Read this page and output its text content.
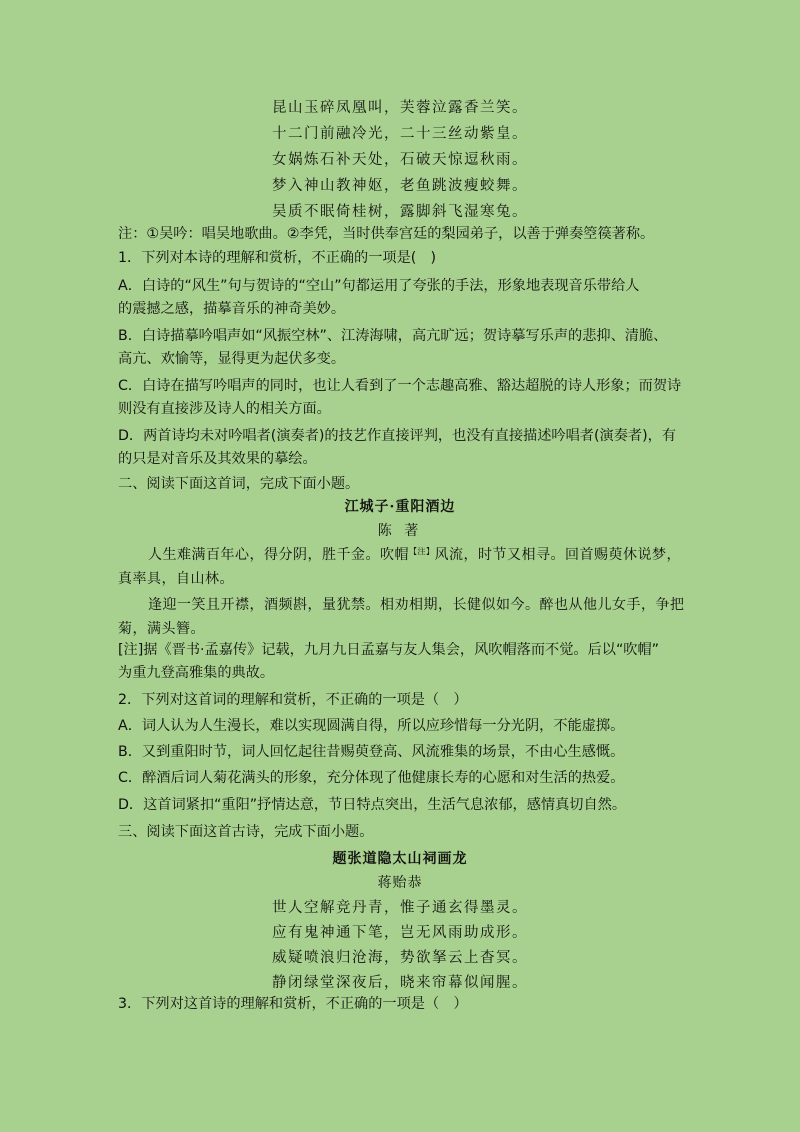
昆山玉碎凤凰叫，芙蓉泣露香兰笑。
十二门前融冷光，二十三丝动紫皇。
女娲炼石补天处，石破天惊逗秋雨。
梦入神山教神妪，老鱼跳波瘦蛟舞。
吴质不眠倚桂树，露脚斜飞湿寒兔。
注：①吴吟：唱吴地歌曲。②李凭，当时供奉宫廷的梨园弟子，以善于弹奏箜篌著称。
1．下列对本诗的理解和赏析，不正确的一项是(　)
A．白诗的“风生”句与贺诗的“空山”句都运用了夸张的手法，形象地表现音乐带给人
的震撼之感，描摹音乐的神奇美妙。
B．白诗描摹吟唱声如“风振空林”、江涛海啸，高亢旷远；贺诗摹写乐声的悲抑、清脆、
高亢、欢愉等，显得更为起伏多变。
C．白诗在描写吟唱声的同时，也让人看到了一个志趣高雅、豁达超脱的诗人形象；而贺诗
则没有直接涉及诗人的相关方面。
D．两首诗均未对吟唱者(演奏者)的技艺作直接评判，也没有直接描述吟唱者(演奏者)，有
的只是对音乐及其效果的摹绘。
二、阅读下面这首词，完成下面小题。
江城子·重阳酒边
陈 著
人生难满百年心，得分阴，胜千金。吹帽$^{【注】}$风流，时节又相寻。回首赐萸休说梦，
真率具，自山林。
逢迎一笑且开襟，酒频斟，量犹禁。相劝相期，长健似如今。醉也从他儿女手，争把
菊，满头簪。
[注]据《晋书·孟嘉传》记载，九月九日孟嘉与友人集会，风吹帽落而不觉。后以“吹帽”
为重九登高雅集的典故。
2．下列对这首词的理解和赏析，不正确的一项是（　）
A．词人认为人生漫长，难以实现圆满自得，所以应珍惜每一分光阴，不能虚掷。
B．又到重阳时节，词人回忆起往昔赐萸登高、风流雅集的场景，不由心生感慨。
C．醉酒后词人菊花满头的形象，充分体现了他健康长寿的心愿和对生活的热爱。
D．这首词紧扣“重阳”抒情达意，节日特点突出，生活气息浓郁，感情真切自然。
三、阅读下面这首古诗，完成下面小题。
题张道隐太山祠画龙
蒋贻恭
世人空解竞丹青，惟子通玄得墨灵。
应有鬼神通下笔，岂无风雨助成形。
威疑喷浪归沧海，势欲拏云上杳冥。
静闭绿堂深夜后，晓来帘幕似闻腥。
3．下列对这首诗的理解和赏析，不正确的一项是（　）
